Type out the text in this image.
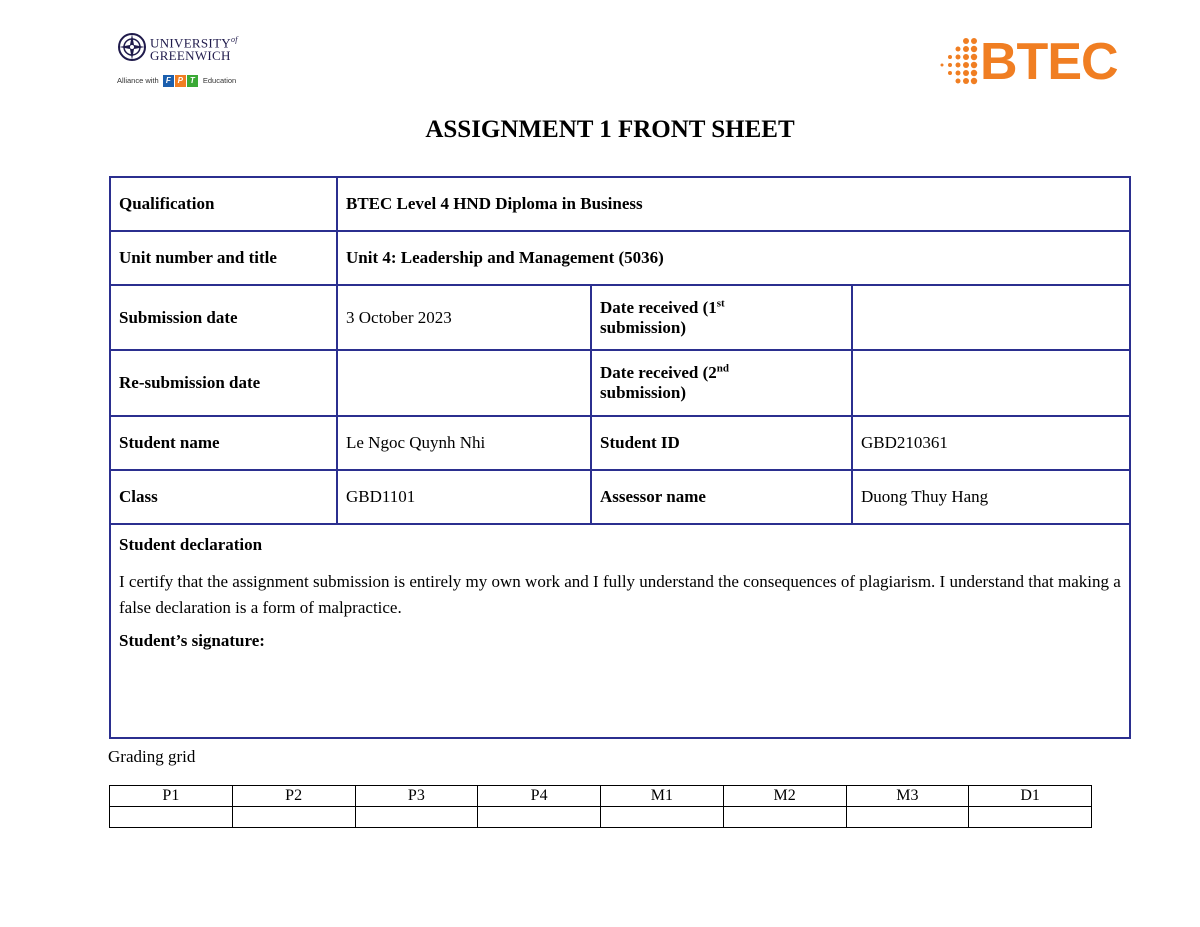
$UNIVERSITY^{of}$
GREENWICH
Alliance with F P T Education	BTEC
ASSIGNMENT 1 FRONT SHEET
Qualification	BTEC Level 4 HND Diploma in Business		
Unit number and title	Unit 4: Leadership and Management (5036)		
Submission date	3 October 2023	Date received (1st
submission)	
Re-submission date		Date received (2nd
submission)	
Student name	Le Ngoc Quynh Nhi	Student ID	GBD210361
Class	GBD1101	Assessor name	Duong Thuy Hang

Student declaration
I certify that the assignment submission is entirely my own work and I fully understand the consequences of plagiarism. I understand that making a false declaration is a form of malpractice.
Student’s signature:			
Grading grid
P1	P2	P3	P4	M1	M2	M3	D1
